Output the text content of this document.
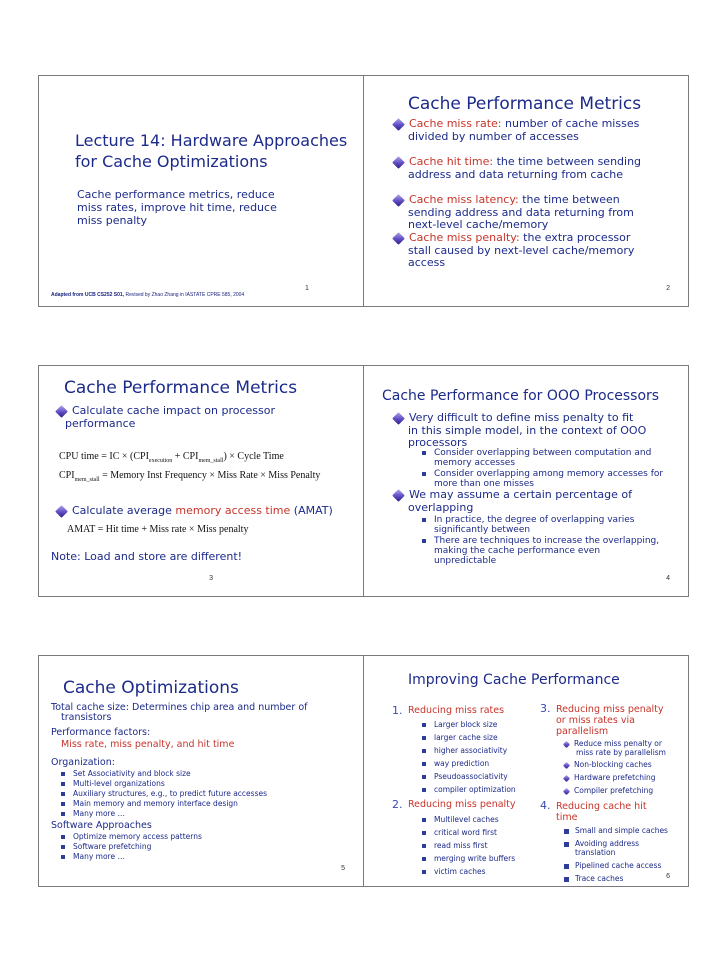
Lecture 14: Hardware Approaches
for Cache Optimizations
Cache performance metrics, reduce
miss rates, improve hit time, reduce
miss penalty
Adapted from UCB CS252 S01, Revised by Zhao Zhang in IASTATE CPRE 585, 2004
1
Cache Performance Metrics
Cache miss rate: number of cache misses
divided by number of accesses
Cache hit time: the time between sending
address and data returning from cache
Cache miss latency: the time between
sending address and data returning from
next-level cache/memory
Cache miss penalty: the extra processor
stall caused by next-level cache/memory
access
2
Cache Performance Metrics
Calculate cache impact on processor
performance
CPU time = IC × $(CPI_{execution} + CPI_{mem\_stall})$ × Cycle Time
$CPI_{mem\_stall}$ = Memory Inst Frequency × Miss Rate × Miss Penalty
Calculate average memory access time (AMAT)
AMAT = Hit time + Miss rate × Miss penalty
Note: Load and store are different!
3
Cache Performance for OOO Processors
Very difficult to define miss penalty to fit
in this simple model, in the context of OOO
processors
Consider overlapping between computation and
memory accesses
Consider overlapping among memory accesses for
more than one misses
We may assume a certain percentage of
overlapping
In practice, the degree of overlapping varies
significantly between
There are techniques to increase the overlapping,
making the cache performance even
unpredictable
4
Cache Optimizations
Total cache size: Determines chip area and number of
transistors
Performance factors:
Miss rate, miss penalty, and hit time
Organization:
Set Associativity and block size
Multi-level organizations
Auxiliary structures, e.g., to predict future accesses
Main memory and memory interface design
Many more …
Software Approaches
Optimize memory access patterns
Software prefetching
Many more …
5
Improving Cache Performance
1. Reducing miss rates
Larger block size
larger cache size
higher associativity
way prediction
Pseudoassociativity
compiler optimization
2. Reducing miss penalty
Multilevel caches
critical word first
read miss first
merging write buffers
victim caches
3. Reducing miss penalty
or miss rates via
parallelism
Reduce miss penalty or
miss rate by parallelism
Non-blocking caches
Hardware prefetching
Compiler prefetching
4. Reducing cache hit
time
Small and simple caches
Avoiding address
translation
Pipelined cache access
Trace caches	6
